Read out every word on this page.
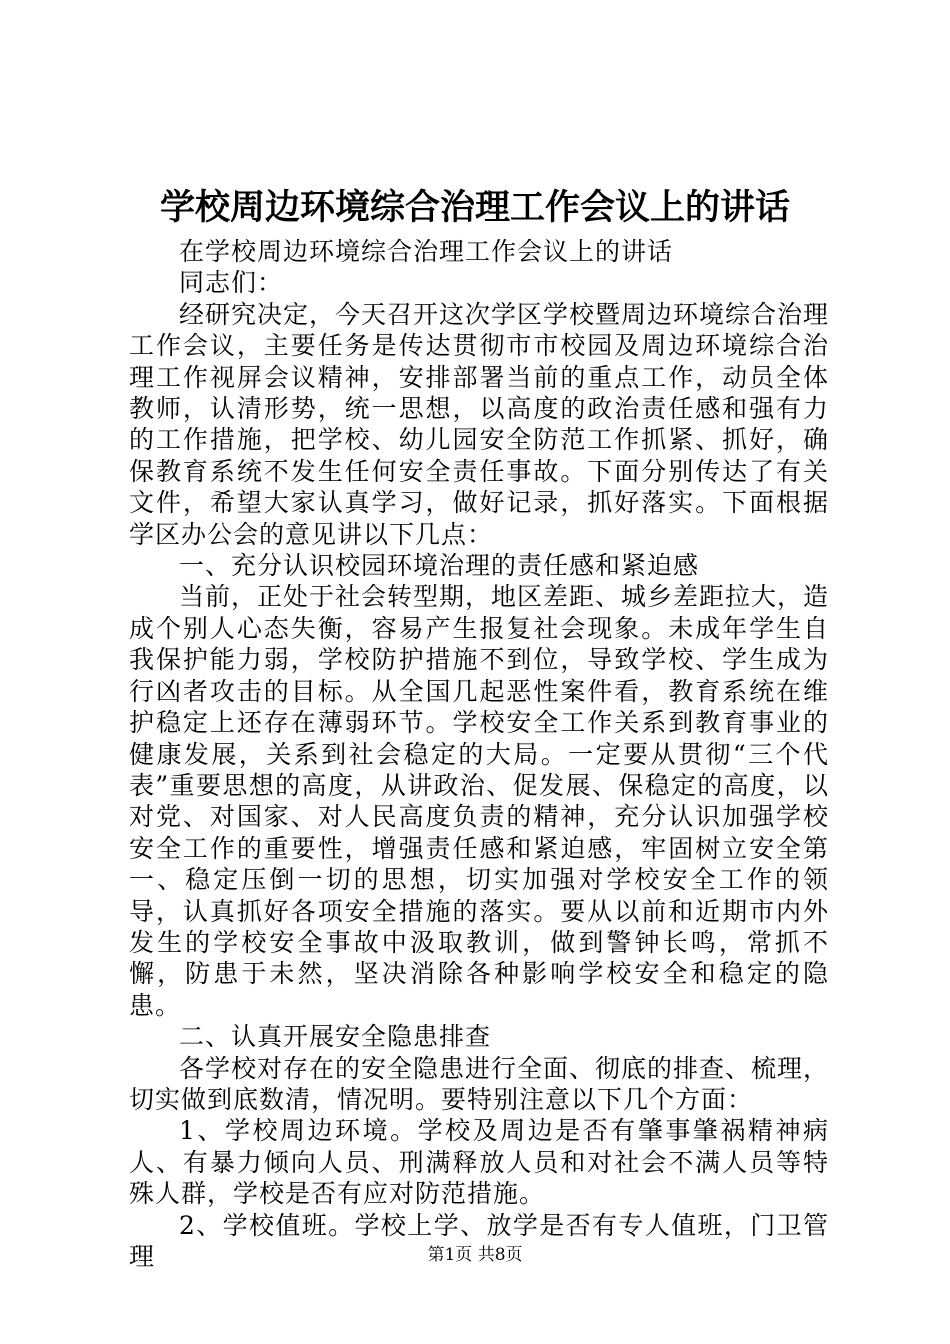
学校周边环境综合治理工作会议上的讲话

在学校周边环境综合治理工作会议上的讲话

同志们：

经研究决定，今天召开这次学区学校暨周边环境综合治理工作会议，主要任务是传达贯彻市市校园及周边环境综合治理工作视屏会议精神，安排部署当前的重点工作，动员全体教师，认清形势，统一思想，以高度的政治责任感和强有力的工作措施，把学校、幼儿园安全防范工作抓紧、抓好，确保教育系统不发生任何安全责任事故。下面分别传达了有关文件，希望大家认真学习，做好记录，抓好落实。下面根据学区办公会的意见讲以下几点：

一、充分认识校园环境治理的责任感和紧迫感

当前，正处于社会转型期，地区差距、城乡差距拉大，造成个别人心态失衡，容易产生报复社会现象。未成年学生自我保护能力弱，学校防护措施不到位，导致学校、学生成为行凶者攻击的目标。从全国几起恶性案件看，教育系统在维护稳定上还存在薄弱环节。学校安全工作关系到教育事业的健康发展，关系到社会稳定的大局。一定要从贯彻“三个代表”重要思想的高度，从讲政治、促发展、保稳定的高度，以对党、对国家、对人民高度负责的精神，充分认识加强学校安全工作的重要性，增强责任感和紧迫感，牢固树立安全第一、稳定压倒一切的思想，切实加强对学校安全工作的领导，认真抓好各项安全措施的落实。要从以前和近期市内外发生的学校安全事故中汲取教训，做到警钟长鸣，常抓不懈，防患于未然，坚决消除各种影响学校安全和稳定的隐患。

二、认真开展安全隐患排查

各学校对存在的安全隐患进行全面、彻底的排查、梳理，切实做到底数清，情况明。要特别注意以下几个方面：

1、学校周边环境。学校及周边是否有肇事肇祸精神病人、有暴力倾向人员、刑满释放人员和对社会不满人员等特殊人群，学校是否有应对防范措施。

2、学校值班。学校上学、放学是否有专人值班，门卫管理	第1页 共8页
